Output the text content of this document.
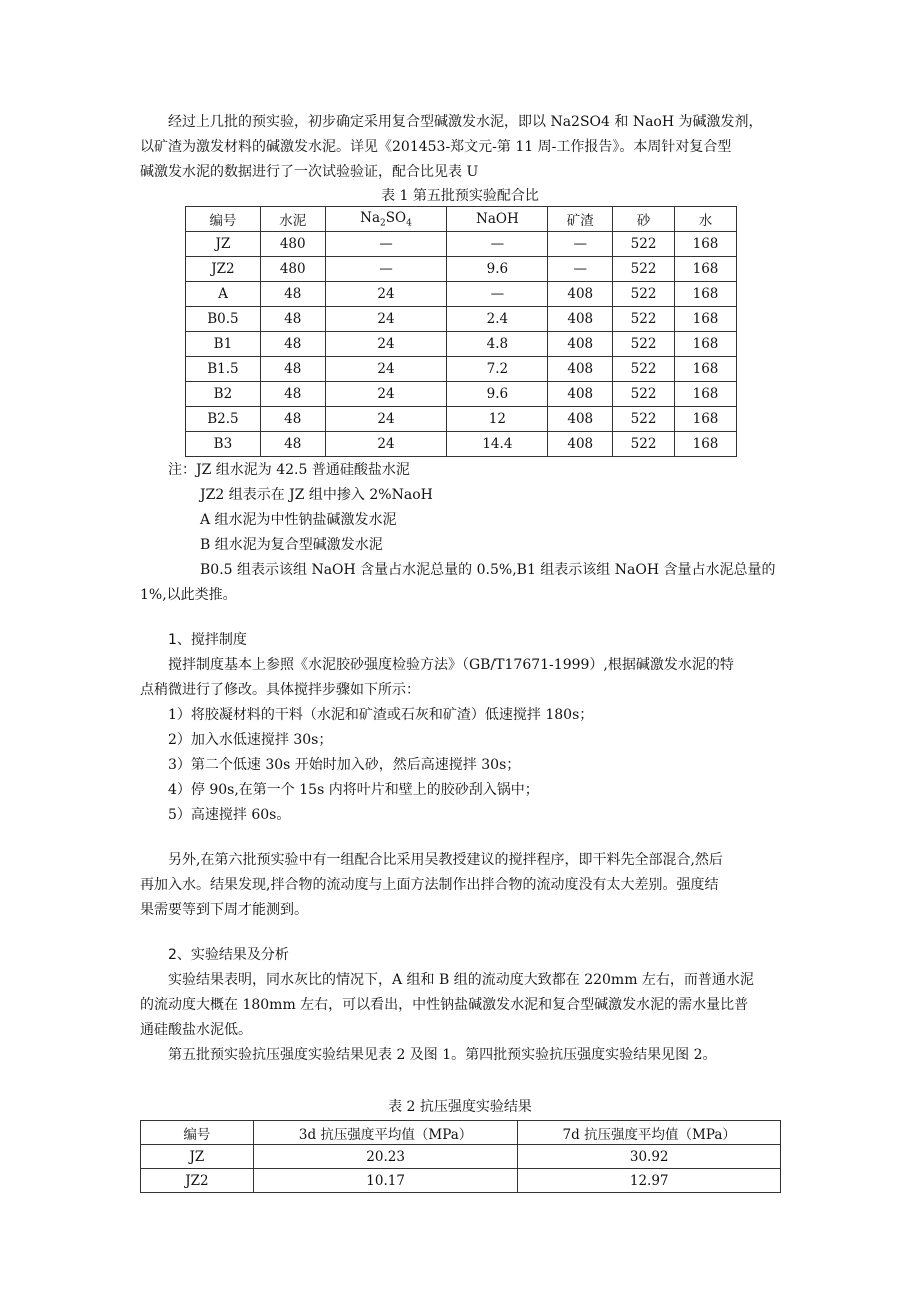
经过上几批的预实验，初步确定采用复合型碱激发水泥，即以 Na2SO4 和 NaoH 为碱激发剂，
以矿渣为激发材料的碱激发水泥。详见《201453-郑文元-第 11 周-工作报告》。本周针对复合型
碱激发水泥的数据进行了一次试验验证，配合比见表 U
表 1 第五批预实验配合比
编号	水泥	$Na_2SO_4$	NaOH	矿渣	砂	水
JZ	480	—	—	—	522	168
JZ2	480	—	9.6	—	522	168
A	48	24	—	408	522	168
B0.5	48	24	2.4	408	522	168
B1	48	24	4.8	408	522	168
B1.5	48	24	7.2	408	522	168
B2	48	24	9.6	408	522	168
B2.5	48	24	12	408	522	168
B3	48	24	14.4	408	522	168
注：JZ 组水泥为 42.5 普通硅酸盐水泥
JZ2 组表示在 JZ 组中掺入 2%NaoH
A 组水泥为中性钠盐碱激发水泥
B 组水泥为复合型碱激发水泥
B0.5 组表示该组 NaOH 含量占水泥总量的 0.5%,B1 组表示该组 NaOH 含量占水泥总量的
1%,以此类推。
1、搅拌制度
搅拌制度基本上参照《水泥胶砂强度检验方法》（GB/T17671-1999）,根据碱激发水泥的特
点稍微进行了修改。具体搅拌步骤如下所示：
1）将胶凝材料的干料（水泥和矿渣或石灰和矿渣）低速搅拌 180s；
2）加入水低速搅拌 30s；
3）第二个低速 30s 开始时加入砂，然后高速搅拌 30s；
4）停 90s,在第一个 15s 内将叶片和壁上的胶砂刮入锅中；
5）高速搅拌 60s。
另外,在第六批预实验中有一组配合比采用吴教授建议的搅拌程序，即干料先全部混合,然后
再加入水。结果发现,拌合物的流动度与上面方法制作出拌合物的流动度没有太大差别。强度结
果需要等到下周才能测到。
2、实验结果及分析
实验结果表明，同水灰比的情况下，A 组和 B 组的流动度大致都在 220mm 左右，而普通水泥
的流动度大概在 180mm 左右，可以看出，中性钠盐碱激发水泥和复合型碱激发水泥的需水量比普
通硅酸盐水泥低。
第五批预实验抗压强度实验结果见表 2 及图 1。第四批预实验抗压强度实验结果见图 2。
表 2 抗压强度实验结果
编号	3d 抗压强度平均值（MPa）	7d 抗压强度平均值（MPa）
JZ	20.23	30.92
JZ2	10.17	12.97
